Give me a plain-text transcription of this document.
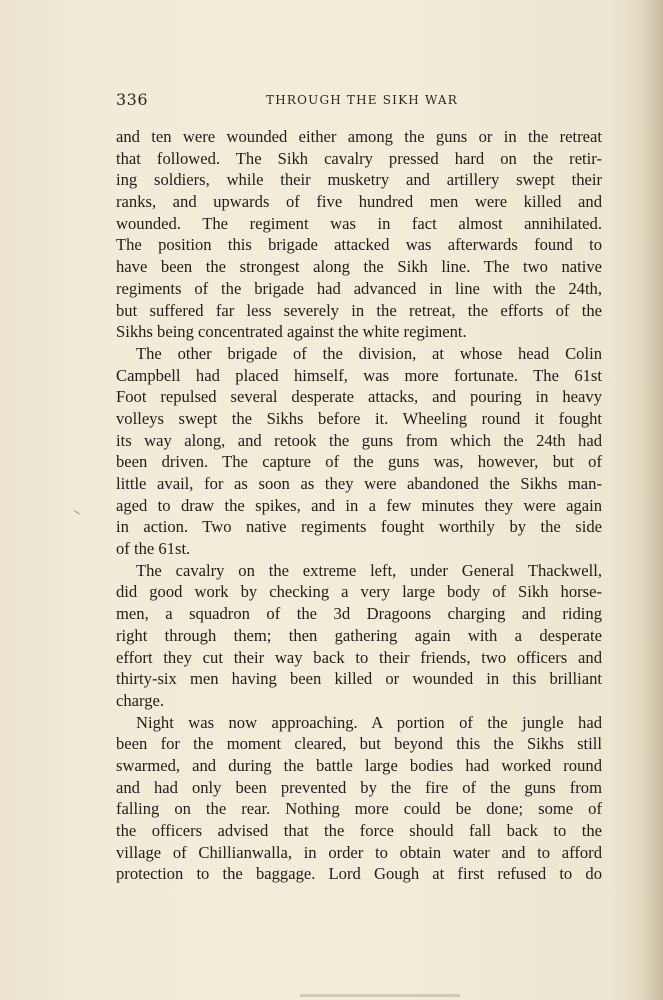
336	THROUGH THE SIKH WAR
and ten were wounded either among the guns or in the retreat
that followed. The Sikh cavalry pressed hard on the retir-
ing soldiers, while their musketry and artillery swept their
ranks, and upwards of five hundred men were killed and
wounded. The regiment was in fact almost annihilated.
The position this brigade attacked was afterwards found to
have been the strongest along the Sikh line. The two native
regiments of the brigade had advanced in line with the 24th,
but suffered far less severely in the retreat, the efforts of the
Sikhs being concentrated against the white regiment.
The other brigade of the division, at whose head Colin
Campbell had placed himself, was more fortunate. The 61st
Foot repulsed several desperate attacks, and pouring in heavy
volleys swept the Sikhs before it. Wheeling round it fought
its way along, and retook the guns from which the 24th had
been driven. The capture of the guns was, however, but of
little avail, for as soon as they were abandoned the Sikhs man-
aged to draw the spikes, and in a few minutes they were again
in action. Two native regiments fought worthily by the side
of the 61st.
The cavalry on the extreme left, under General Thackwell,
did good work by checking a very large body of Sikh horse-
men, a squadron of the 3d Dragoons charging and riding
right through them; then gathering again with a desperate
effort they cut their way back to their friends, two officers and
thirty-six men having been killed or wounded in this brilliant
charge.
Night was now approaching. A portion of the jungle had
been for the moment cleared, but beyond this the Sikhs still
swarmed, and during the battle large bodies had worked round
and had only been prevented by the fire of the guns from
falling on the rear. Nothing more could be done; some of
the officers advised that the force should fall back to the
village of Chillianwalla, in order to obtain water and to afford
protection to the baggage. Lord Gough at first refused to do
